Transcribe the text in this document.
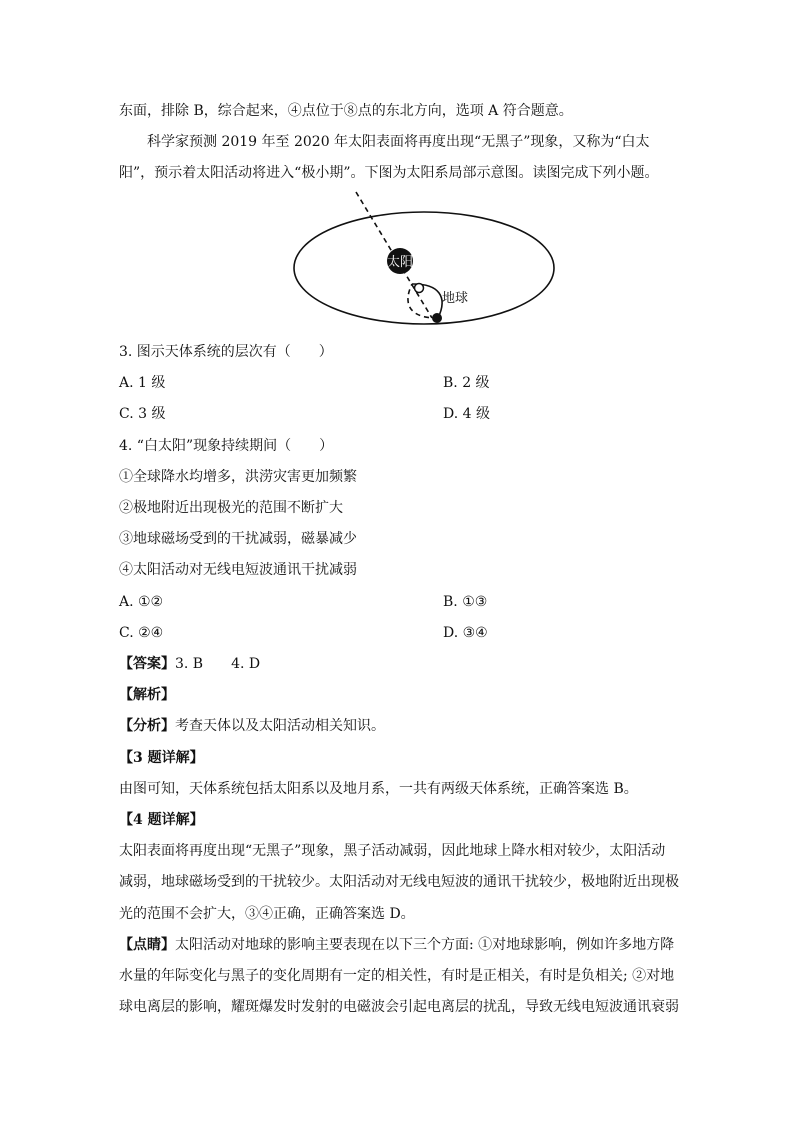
东面，排除 B，综合起来，④点位于⑧点的东北方向，选项 A 符合题意。
科学家预测 2019 年至 2020 年太阳表面将再度出现“无黑子”现象，又称为“白太
阳”，预示着太阳活动将进入“极小期”。下图为太阳系局部示意图。读图完成下列小题。
太阳
地球
3. 图示天体系统的层次有（　　）
A. 1 级	B. 2 级
C. 3 级	D. 4 级
4. “白太阳”现象持续期间（　　）
①全球降水均增多，洪涝灾害更加频繁
②极地附近出现极光的范围不断扩大
③地球磁场受到的干扰减弱，磁暴减少
④太阳活动对无线电短波通讯干扰减弱
A. ①②	B. ①③
C. ②④	D. ③④
【答案】3. B　　4. D
【解析】
【分析】考查天体以及太阳活动相关知识。
【3 题详解】
由图可知，天体系统包括太阳系以及地月系，一共有两级天体系统，正确答案选 B。
【4 题详解】
太阳表面将再度出现“无黑子”现象，黑子活动减弱，因此地球上降水相对较少，太阳活动
减弱，地球磁场受到的干扰较少。太阳活动对无线电短波的通讯干扰较少，极地附近出现极
光的范围不会扩大，③④正确，正确答案选 D。
【点睛】太阳活动对地球的影响主要表现在以下三个方面: ①对地球影响，例如许多地方降
水量的年际变化与黑子的变化周期有一定的相关性，有时是正相关，有时是负相关; ②对地
球电离层的影响，耀斑爆发时发射的电磁波会引起电离层的扰乱，导致无线电短波通讯衰弱
